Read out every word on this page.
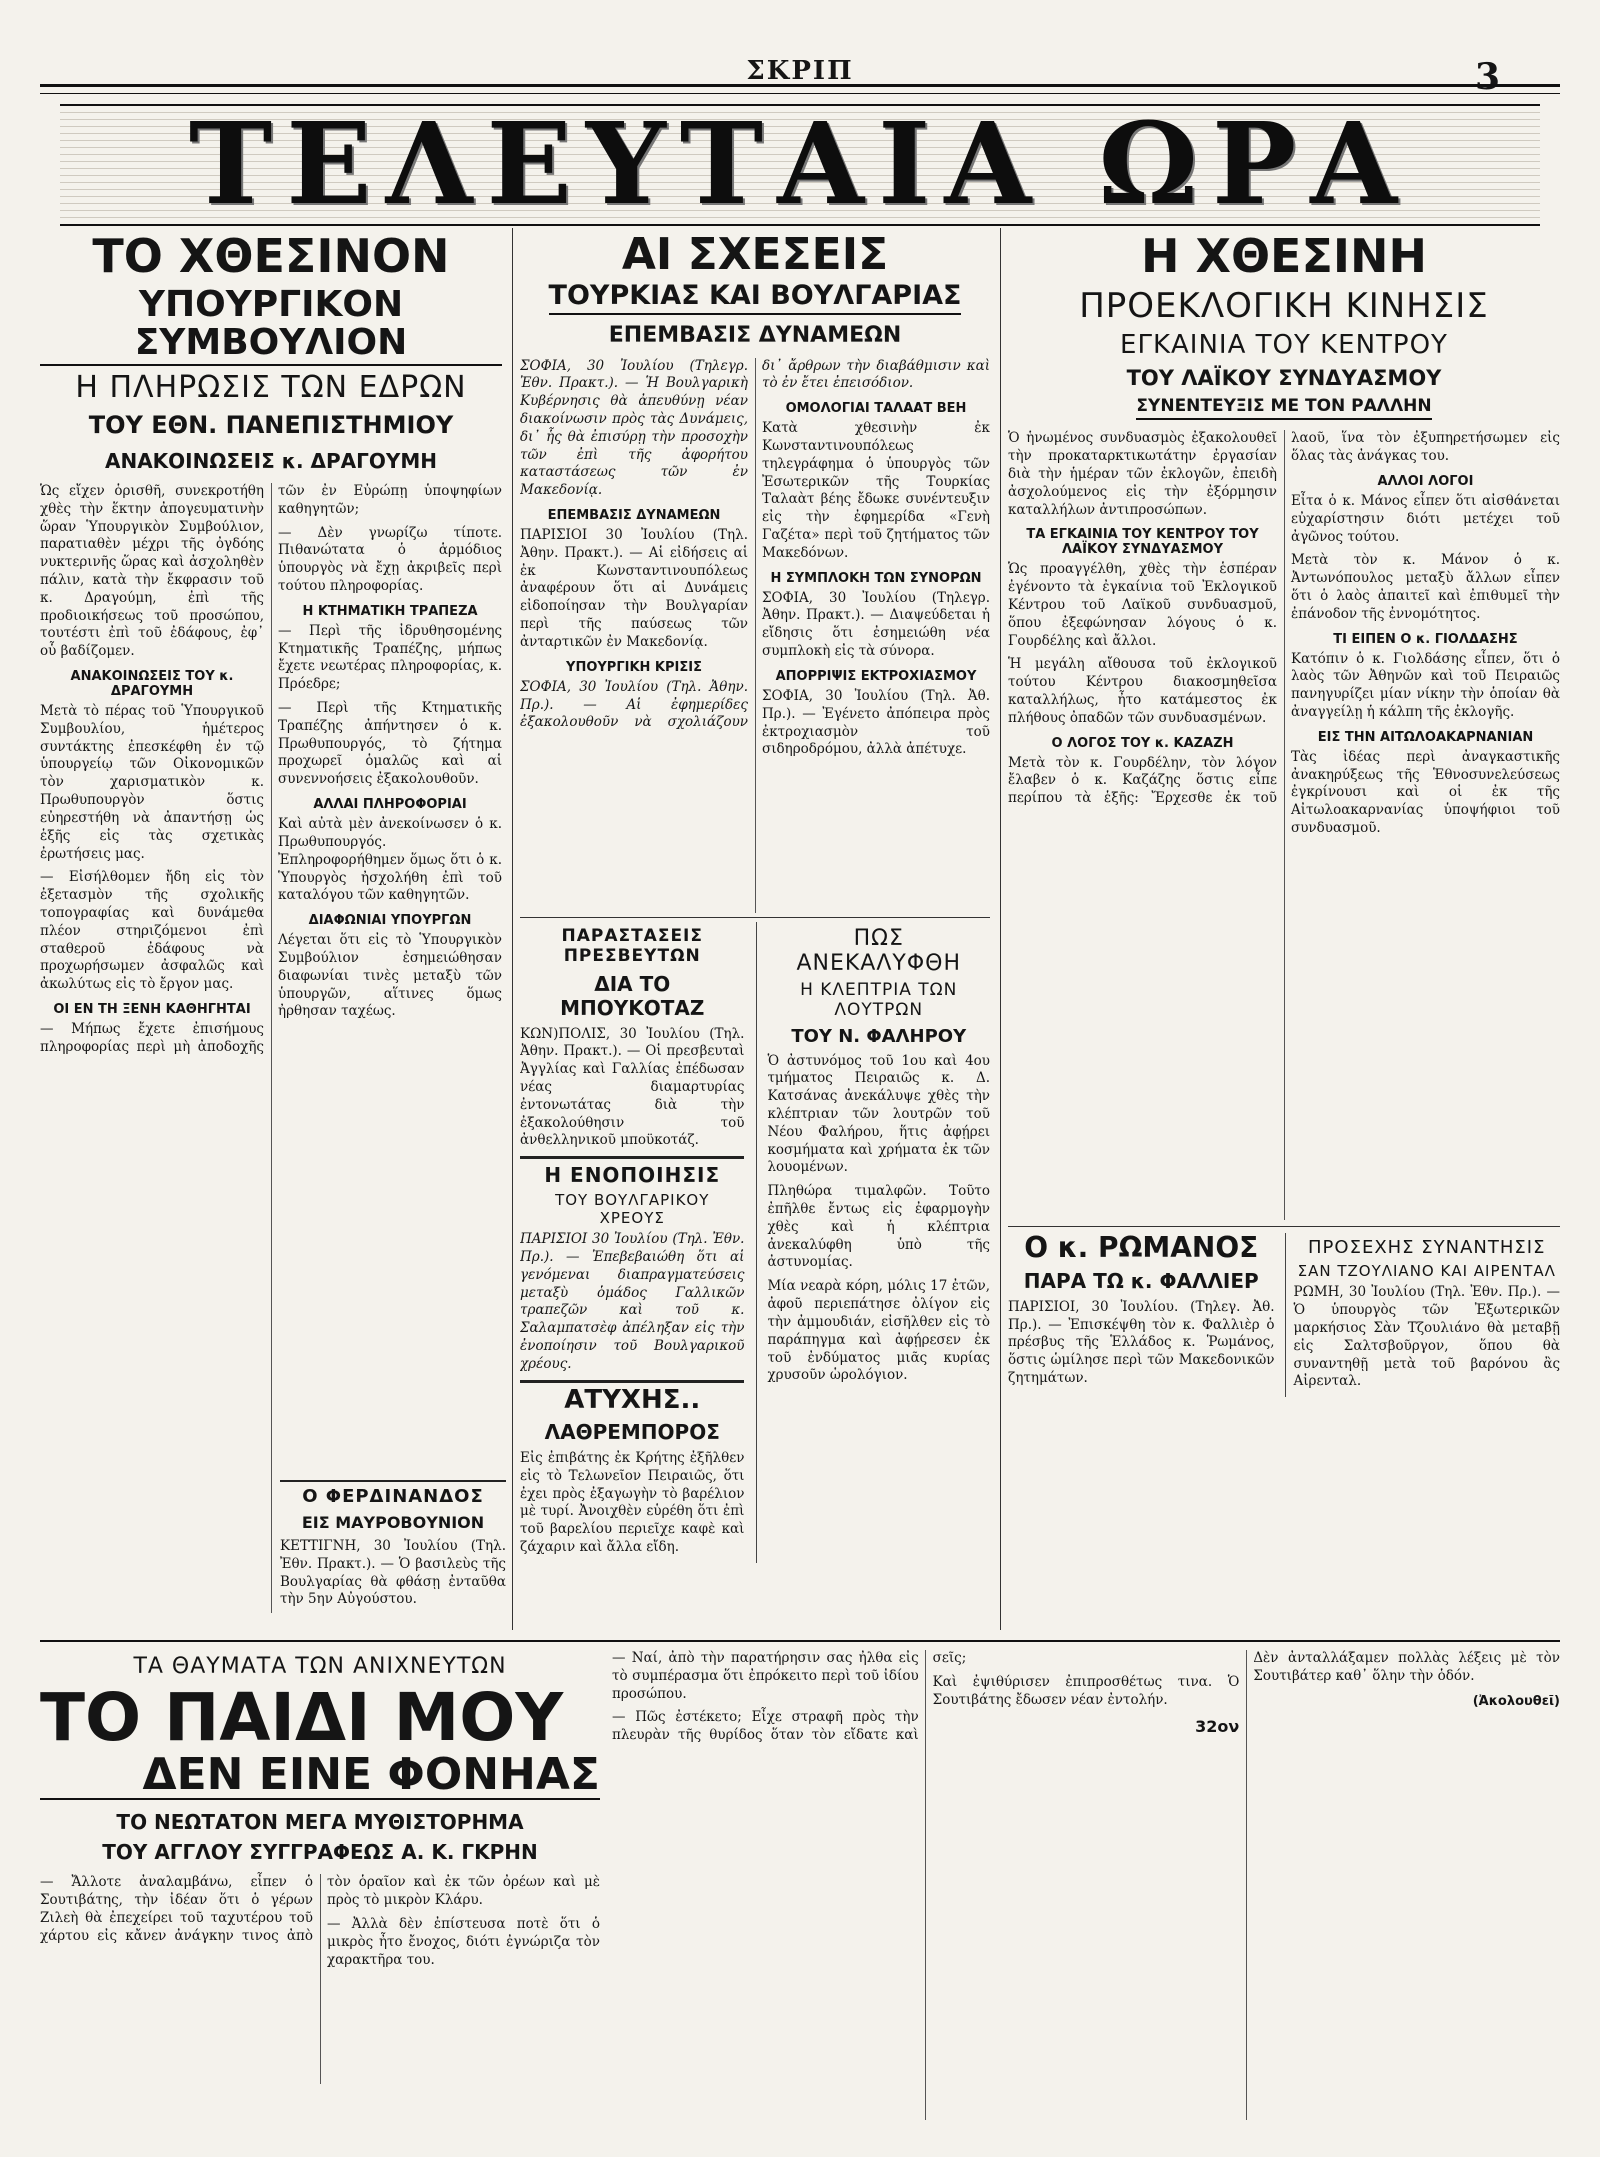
ΣΚΡΙΠ	3
ΤΕΛΕΥΤΑΙΑ ΩΡΑ
ΤΟ ΧΘΕΣΙΝΟΝ
ΥΠΟΥΡΓΙΚΟΝ ΣΥΜΒΟΥΛΙΟΝ
Η ΠΛΗΡΩΣΙΣ ΤΩΝ ΕΔΡΩΝ
ΤΟΥ ΕΘΝ. ΠΑΝΕΠΙΣΤΗΜΙΟΥ
ΑΝΑΚΟΙΝΩΣΕΙΣ κ. ΔΡΑΓΟΥΜΗ

Ὡς εἴχεν ὁρισθῆ, συνεκροτήθη χθὲς τὴν ἕκτην ἀπογευματινὴν ὥραν Ὑπουργικὸν Συμβούλιον, παρατιαθὲν μέχρι τῆς ὀγδόης νυκτερινῆς ὥρας καὶ ἀσχοληθὲν πάλιν, κατὰ τὴν ἔκφρασιν τοῦ κ. Δραγούμη, ἐπὶ τῆς προδιοικήσεως τοῦ προσώπου, τουτέστι ἐπὶ τοῦ ἐδάφους, ἐφ᾽ οὗ βαδίζομεν.

ΑΝΑΚΟΙΝΩΣΕΙΣ ΤΟΥ κ. ΔΡΑΓΟΥΜΗ

Μετὰ τὸ πέρας τοῦ Ὑπουργικοῦ Συμβουλίου, ἡμέτερος συντάκτης ἐπεσκέφθη ἐν τῷ ὑπουργείῳ τῶν Οἰκονομικῶν τὸν χαρισματικὸν κ. Πρωθυπουργὸν ὅστις εὐηρεστήθη νὰ ἀπαντήσῃ ὡς ἑξῆς εἰς τὰς σχετικὰς ἐρωτήσεις μας.

— Εἰσήλθομεν ἤδη εἰς τὸν ἐξετασμὸν τῆς σχολικῆς τοπογραφίας καὶ δυνάμεθα πλέον στηριζόμενοι ἐπὶ σταθεροῦ ἐδάφους νὰ προχωρήσωμεν ἀσφαλῶς καὶ ἀκωλύτως εἰς τὸ ἔργον μας.

ΟΙ ΕΝ ΤΗ ΞΕΝΗ ΚΑΘΗΓΗΤΑΙ

— Μήπως ἔχετε ἐπισήμους πληροφορίας περὶ μὴ ἀποδοχῆς τῶν ἐν Εὐρώπῃ ὑποψηφίων καθηγητῶν;

— Δὲν γνωρίζω τίποτε. Πιθανώτατα ὁ ἁρμόδιος ὑπουργὸς νὰ ἔχῃ ἀκριβεῖς περὶ τούτου πληροφορίας.

Η ΚΤΗΜΑΤΙΚΗ ΤΡΑΠΕΖΑ

— Περὶ τῆς ἰδρυθησομένης Κτηματικῆς Τραπέζης, μήπως ἔχετε νεωτέρας πληροφορίας, κ. Πρόεδρε;

— Περὶ τῆς Κτηματικῆς Τραπέζης ἀπήντησεν ὁ κ. Πρωθυπουργός, τὸ ζήτημα προχωρεῖ ὁμαλῶς καὶ αἱ συνεννοήσεις ἐξακολουθοῦν.

ΑΛΛΑΙ ΠΛΗΡΟΦΟΡΙΑΙ

Καὶ αὐτὰ μὲν ἀνεκοίνωσεν ὁ κ. Πρωθυπουργός. Ἐπληροφορήθημεν ὅμως ὅτι ὁ κ. Ὑπουργὸς ἠσχολήθη ἐπὶ τοῦ καταλόγου τῶν καθηγητῶν.

ΔΙΑΦΩΝΙΑΙ ΥΠΟΥΡΓΩΝ

Λέγεται ὅτι εἰς τὸ Ὑπουργικὸν Συμβούλιον ἐσημειώθησαν διαφωνίαι τινὲς μεταξὺ τῶν ὑπουργῶν, αἵτινες ὅμως ἠρθησαν ταχέως.

ΑΙ ΣΧΕΣΕΙΣ
ΤΟΥΡΚΙΑΣ ΚΑΙ ΒΟΥΛΓΑΡΙΑΣ
ΕΠΕΜΒΑΣΙΣ ΔΥΝΑΜΕΩΝ

ΣΟΦΙΑ, 30 Ἰουλίου (Τηλεγρ. Ἐθν. Πρακτ.). — Ἡ Βουλγαρικὴ Κυβέρνησις θὰ ἀπευθύνῃ νέαν διακοίνωσιν πρὸς τὰς Δυνάμεις, δι᾽ ἧς θὰ ἐπισύρῃ τὴν προσοχὴν τῶν ἐπὶ τῆς ἀφορήτου καταστάσεως τῶν ἐν Μακεδονίᾳ.

ΕΠΕΜΒΑΣΙΣ ΔΥΝΑΜΕΩΝ

ΠΑΡΙΣΙΟΙ 30 Ἰουλίου (Τηλ. Ἀθην. Πρακτ.). — Αἱ εἰδήσεις αἱ ἐκ Κωνσταντινουπόλεως ἀναφέρουν ὅτι αἱ Δυνάμεις εἰδοποίησαν τὴν Βουλγαρίαν περὶ τῆς παύσεως τῶν ἀνταρτικῶν ἐν Μακεδονίᾳ.

ΥΠΟΥΡΓΙΚΗ ΚΡΙΣΙΣ

ΣΟΦΙΑ, 30 Ἰουλίου (Τηλ. Ἀθην. Πρ.). — Αἱ ἐφημερίδες ἐξακολουθοῦν νὰ σχολιάζουν δι᾽ ἄρθρων τὴν διαβάθμισιν καὶ τὸ ἐν ἔτει ἐπεισόδιον.

ΟΜΟΛΟΓΙΑΙ ΤΑΛΑΑΤ ΒΕΗ

Κατὰ χθεσινὴν ἐκ Κωνσταντινουπόλεως τηλεγράφημα ὁ ὑπουργὸς τῶν Ἐσωτερικῶν τῆς Τουρκίας Ταλαὰτ βέης ἔδωκε συνέντευξιν εἰς τὴν ἐφημερίδα «Γενὴ Γαζέτα» περὶ τοῦ ζητήματος τῶν Μακεδόνων.

Η ΣΥΜΠΛΟΚΗ ΤΩΝ ΣΥΝΟΡΩΝ

ΣΟΦΙΑ, 30 Ἰουλίου (Τηλεγρ. Ἀθην. Πρακτ.). — Διαψεύδεται ἡ εἴδησις ὅτι ἐσημειώθη νέα συμπλοκὴ εἰς τὰ σύνορα.

ΑΠΟΡΡΙΨΙΣ ΕΚΤΡΟΧΙΑΣΜΟΥ

ΣΟΦΙΑ, 30 Ἰουλίου (Τηλ. Ἀθ. Πρ.). — Ἐγένετο ἀπόπειρα πρὸς ἐκτροχιασμὸν τοῦ σιδηροδρόμου, ἀλλὰ ἀπέτυχε.

ΠΑΡΑΣΤΑΣΕΙΣ ΠΡΕΣΒΕΥΤΩΝ
ΔΙΑ ΤΟ ΜΠΟΥΚΟΤΑΖ

ΚΩΝ)ΠΟΛΙΣ, 30 Ἰουλίου (Τηλ. Ἀθην. Πρακτ.). — Οἱ πρεσβευταὶ Ἀγγλίας καὶ Γαλλίας ἐπέδωσαν νέας διαμαρτυρίας ἐντονωτάτας διὰ τὴν ἐξακολούθησιν τοῦ ἀνθελληνικοῦ μποϋκοτάζ.

Η ΕΝΟΠΟΙΗΣΙΣ
ΤΟΥ ΒΟΥΛΓΑΡΙΚΟΥ ΧΡΕΟΥΣ

ΠΑΡΙΣΙΟΙ 30 Ἰουλίου (Τηλ. Ἐθν. Πρ.). — Ἐπεβεβαιώθη ὅτι αἱ γενόμεναι διαπραγματεύσεις μεταξὺ ὁμάδος Γαλλικῶν τραπεζῶν καὶ τοῦ κ. Σαλαμπατσὲφ ἀπέληξαν εἰς τὴν ἐνοποίησιν τοῦ Βουλγαρικοῦ χρέους.

ΑΤΥΧΗΣ..
ΛΑΘΡΕΜΠΟΡΟΣ

Εἰς ἐπιβάτης ἐκ Κρήτης ἐξῆλθεν εἰς τὸ Τελωνεῖον Πειραιῶς, ὅτι ἐχει πρὸς ἐξαγωγὴν τὸ βαρέλιον μὲ τυρί. Ἀνοιχθὲν εὑρέθη ὅτι ἐπὶ τοῦ βαρελίου περιεῖχε καφὲ καὶ ζάχαριν καὶ ἄλλα εἴδη.

ΠΩΣ ΑΝΕΚΑΛΥΦΘΗ
Η ΚΛΕΠΤΡΙΑ ΤΩΝ ΛΟΥΤΡΩΝ
ΤΟΥ Ν. ΦΑΛΗΡΟΥ

Ὁ ἀστυνόμος τοῦ 1ου καὶ 4ου τμήματος Πειραιῶς κ. Δ. Κατσάνας ἀνεκάλυψε χθὲς τὴν κλέπτριαν τῶν λουτρῶν τοῦ Νέου Φαλήρου, ἥτις ἀφῄρει κοσμήματα καὶ χρήματα ἐκ τῶν λουομένων.

Πληθώρα τιμαλφῶν. Τοῦτο ἐπῆλθε ἔντως εἰς ἐφαρμογὴν χθὲς καὶ ἡ κλέπτρια ἀνεκαλύφθη ὑπὸ τῆς ἀστυνομίας.

Μία νεαρὰ κόρη, μόλις 17 ἐτῶν, ἀφοῦ περιεπάτησε ὀλίγον εἰς τὴν ἀμμουδιάν, εἰσῆλθεν εἰς τὸ παράπηγμα καὶ ἀφῄρεσεν ἐκ τοῦ ἐνδύματος μιᾶς κυρίας χρυσοῦν ὡρολόγιον.

Η ΧΘΕΣΙΝΗ
ΠΡΟΕΚΛΟΓΙΚΗ ΚΙΝΗΣΙΣ
ΕΓΚΑΙΝΙΑ ΤΟΥ ΚΕΝΤΡΟΥ
ΤΟΥ ΛΑΪΚΟΥ ΣΥΝΔΥΑΣΜΟΥ
ΣΥΝΕΝΤΕΥΞΙΣ ΜΕ ΤΟΝ ΡΑΛΛΗΝ

Ὁ ἡνωμένος συνδυασμὸς ἐξακολουθεῖ τὴν προκαταρκτικωτάτην ἐργασίαν διὰ τὴν ἡμέραν τῶν ἐκλογῶν, ἐπειδὴ ἀσχολούμενος εἰς τὴν ἐξόρμησιν καταλλήλων ἀντιπροσώπων.

ΤΑ ΕΓΚΑΙΝΙΑ ΤΟΥ ΚΕΝΤΡΟΥ ΤΟΥ ΛΑΪΚΟΥ ΣΥΝΔΥΑΣΜΟΥ

Ὡς προαγγέλθη, χθὲς τὴν ἑσπέραν ἐγένοντο τὰ ἐγκαίνια τοῦ Ἐκλογικοῦ Κέντρου τοῦ Λαϊκοῦ συνδυασμοῦ, ὅπου ἐξεφώνησαν λόγους ὁ κ. Γουρδέλης καὶ ἄλλοι.

Ἡ μεγάλη αἴθουσα τοῦ ἐκλογικοῦ τούτου Κέντρου διακοσμηθεῖσα καταλλήλως, ἦτο κατάμεστος ἐκ πλήθους ὀπαδῶν τῶν συνδυασμένων.

Ο ΛΟΓΟΣ ΤΟΥ κ. ΚΑΖΑΖΗ

Μετὰ τὸν κ. Γουρδέλην, τὸν λόγον ἔλαβεν ὁ κ. Καζάζης ὅστις εἶπε περίπου τὰ ἑξῆς: Ἔρχεσθε ἐκ τοῦ λαοῦ, ἵνα τὸν ἐξυπηρετήσωμεν εἰς ὅλας τὰς ἀνάγκας του.

ΑΛΛΟΙ ΛΟΓΟΙ

Εἶτα ὁ κ. Μάνος εἶπεν ὅτι αἰσθάνεται εὐχαρίστησιν διότι μετέχει τοῦ ἀγῶνος τούτου.

Μετὰ τὸν κ. Μάνον ὁ κ. Ἀντωνόπουλος μεταξὺ ἄλλων εἶπεν ὅτι ὁ λαὸς ἀπαιτεῖ καὶ ἐπιθυμεῖ τὴν ἐπάνοδον τῆς ἐννομότητος.

ΤΙ ΕΙΠΕΝ Ο κ. ΓΙΟΛΔΑΣΗΣ

Κατόπιν ὁ κ. Γιολδάσης εἶπεν, ὅτι ὁ λαὸς τῶν Ἀθηνῶν καὶ τοῦ Πειραιῶς πανηγυρίζει μίαν νίκην τὴν ὁποίαν θὰ ἀναγγείλῃ ἡ κάλπη τῆς ἐκλογῆς.

ΕΙΣ ΤΗΝ ΑΙΤΩΛΟΑΚΑΡΝΑΝΙΑΝ

Τὰς ἰδέας περὶ ἀναγκαστικῆς ἀνακηρύξεως τῆς Ἑθνοσυνελεύσεως ἐγκρίνουσι καὶ οἱ ἐκ τῆς Αἰτωλοακαρνανίας ὑποψήφιοι τοῦ συνδυασμοῦ.

Ο κ. ΡΩΜΑΝΟΣ
ΠΑΡΑ ΤΩ κ. ΦΑΛΛΙΕΡ

ΠΑΡΙΣΙΟΙ, 30 Ἰουλίου. (Τηλεγ. Ἀθ. Πρ.). — Ἐπισκέψθη τὸν κ. Φαλλιὲρ ὁ πρέσβυς τῆς Ἑλλάδος κ. Ῥωμάνος, ὅστις ὡμίλησε περὶ τῶν Μακεδονικῶν ζητημάτων.

ΠΡΟΣΕΧΗΣ ΣΥΝΑΝΤΗΣΙΣ
ΣΑΝ ΤΖΟΥΛΙΑΝΟ ΚΑΙ ΑΙΡΕΝΤΑΛ

ΡΩΜΗ, 30 Ἰουλίου (Τηλ. Ἐθν. Πρ.). — Ὁ ὑπουργὸς τῶν Ἐξωτερικῶν μαρκήσιος Σὰν Τζουλιάνο θὰ μεταβῇ εἰς Σαλτσβοῦργον, ὅπου θὰ συναντηθῇ μετὰ τοῦ βαρόνου ἂς Αἰρενταλ.

Ο ΦΕΡΔΙΝΑΝΔΟΣ
ΕΙΣ ΜΑΥΡΟΒΟΥΝΙΟΝ

ΚΕΤΤΙΓΝΗ, 30 Ἰουλίου (Τηλ. Ἐθν. Πρακτ.). — Ὁ βασιλεὺς τῆς Βουλγαρίας θὰ φθάσῃ ἐνταῦθα τὴν 5ην Αὐγούστου.

ΤΑ ΘΑΥΜΑΤΑ ΤΩΝ ΑΝΙΧΝΕΥΤΩΝ
ΤΟ ΠΑΙΔΙ ΜΟΥ
ΔΕΝ ΕΙΝΕ ΦΟΝΗΑΣ
ΤΟ ΝΕΩΤΑΤΟΝ ΜΕΓΑ ΜΥΘΙΣΤΟΡΗΜΑ
ΤΟΥ ΑΓΓΛΟΥ ΣΥΓΓΡΑΦΕΩΣ Α. Κ. ΓΚΡΗΝ

— Ἄλλοτε ἀναλαμβάνω, εἶπεν ὁ Σουτιβάτης, τὴν ἰδέαν ὅτι ὁ γέρων Ζιλεὴ θὰ ἐπεχείρει τοῦ ταχυτέρου τοῦ χάρτου εἰς κἄνεν ἀνάγκην τινος ἀπὸ τὸν ὁραῖον καὶ ἐκ τῶν ὀρέων καὶ μὲ πρὸς τὸ μικρὸν Κλάρυ.

— Ἀλλὰ δὲν ἐπίστευσα ποτὲ ὅτι ὁ μικρὸς ἦτο ἔνοχος, διότι ἐγνώριζα τὸν χαρακτῆρα του.

— Ναί, ἀπὸ τὴν παρατήρησιν σας ἦλθα εἰς τὸ συμπέρασμα ὅτι ἐπρόκειτο περὶ τοῦ ἰδίου προσώπου.

— Πῶς ἐστέκετο; Εἶχε στραφῆ πρὸς τὴν πλευρὰν τῆς θυρίδος ὅταν τὸν εἴδατε καὶ σεῖς;

Καὶ ἐψιθύρισεν ἐπιπροσθέτως τινα. Ὁ Σουτιβάτης ἔδωσεν νέαν ἐντολήν.

32ον

Δὲν ἀνταλλάξαμεν πολλὰς λέξεις μὲ τὸν Σουτιβάτερ καθ᾽ ὅλην τὴν ὁδόν.

(Ἀκολουθεῖ)
